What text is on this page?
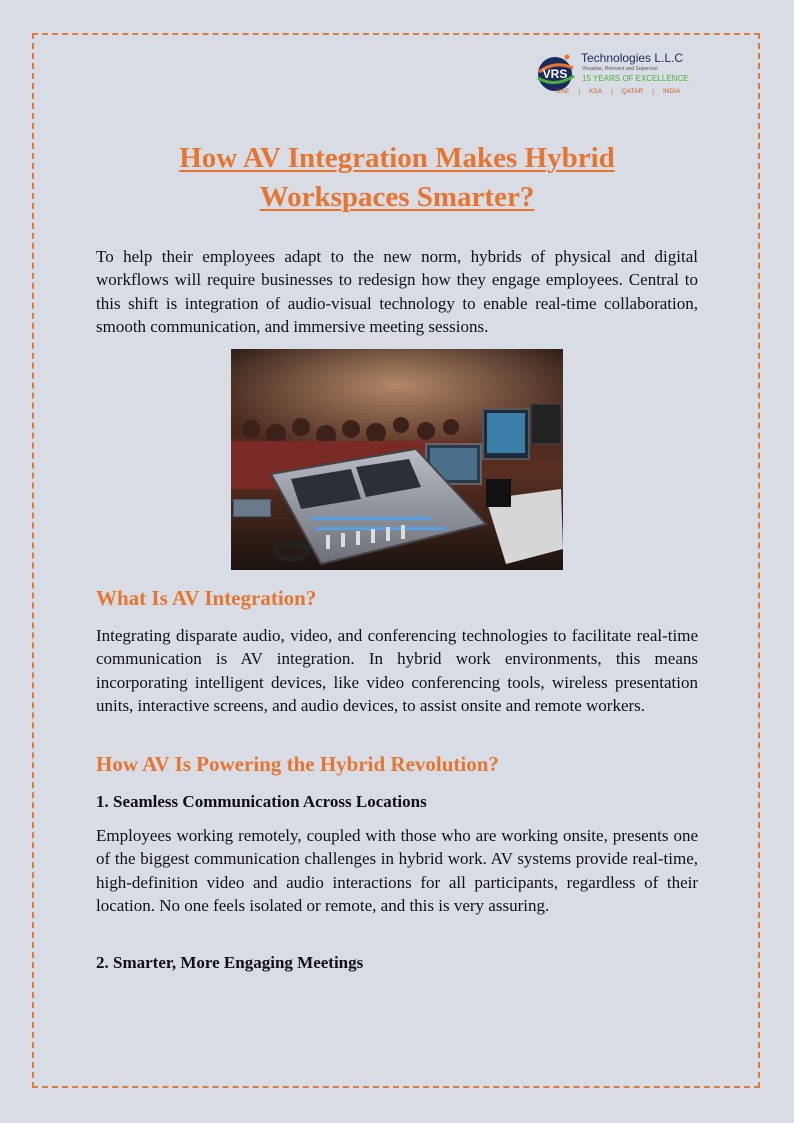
VRS
Technologies L.L.C
Visualise, Reinvent and Supervise
15 YEARS OF EXCELLENCE
UAE	|	KSA	|	QATAR	|	INDIA
How AV Integration Makes Hybrid
Workspaces Smarter?

To help their employees adapt to the new norm, hybrids of physical and digital workflows will require businesses to redesign how they engage employees. Central to this shift is integration of audio-visual technology to enable real-time collaboration, smooth communication, and immersive meeting sessions.

What Is AV Integration?

Integrating disparate audio, video, and conferencing technologies to facilitate real-time communication is AV integration. In hybrid work environments, this means incorporating intelligent devices, like video conferencing tools, wireless presentation units, interactive screens, and audio devices, to assist onsite and remote workers.

How AV Is Powering the Hybrid Revolution?
1. Seamless Communication Across Locations

Employees working remotely, coupled with those who are working onsite, presents one of the biggest communication challenges in hybrid work. AV systems provide real-time, high-definition video and audio interactions for all participants, regardless of their location. No one feels isolated or remote, and this is very assuring.

2. Smarter, More Engaging Meetings
